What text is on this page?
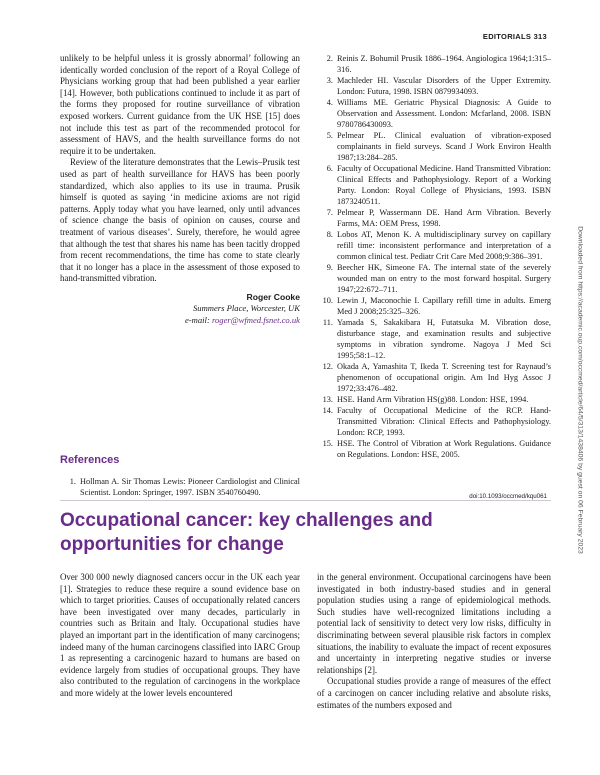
EDITORIALS 313

unlikely to be helpful unless it is grossly abnormal’ following an identically worded conclusion of the report of a Royal College of Physicians working group that had been published a year earlier [14]. However, both publications continued to include it as part of the forms they proposed for routine surveillance of vibration exposed workers. Current guidance from the UK HSE [15] does not include this test as part of the recommended protocol for assessment of HAVS, and the health surveillance forms do not require it to be undertaken.

Review of the literature demonstrates that the Lewis–Prusik test used as part of health surveillance for HAVS has been poorly standardized, which also applies to its use in trauma. Prusik himself is quoted as saying ‘in medicine axioms are not rigid patterns. Apply today what you have learned, only until advances of science change the basis of opinion on causes, course and treatment of various diseases’. Surely, therefore, he would agree that although the test that shares his name has been tacitly dropped from recent recommendations, the time has come to state clearly that it no longer has a place in the assessment of those exposed to hand-transmitted vibration.

Roger Cooke
Summers Place, Worcester, UK
e-mail: roger@wfmed.fsnet.co.uk
References
1. Hollman A. Sir Thomas Lewis: Pioneer Cardiologist and Clinical Scientist. London: Springer, 1997. ISBN 3540760490.
2. Reinis Z. Bohumil Prusik 1886–1964. Angiologica 1964;1:315–316.
3. Machleder HI. Vascular Disorders of the Upper Extremity. London: Futura, 1998. ISBN 0879934093.
4. Williams ME. Geriatric Physical Diagnosis: A Guide to Observation and Assessment. London: Mcfarland, 2008. ISBN 9780786430093.
5. Pelmear PL. Clinical evaluation of vibration-exposed complainants in field surveys. Scand J Work Environ Health 1987;13:284–285.
6. Faculty of Occupational Medicine. Hand Transmitted Vibration: Clinical Effects and Pathophysiology. Report of a Working Party. London: Royal College of Physicians, 1993. ISBN 1873240511.
7. Pelmear P, Wassermann DE. Hand Arm Vibration. Beverly Farms, MA: OEM Press, 1998.
8. Lobos AT, Menon K. A multidisciplinary survey on capillary refill time: inconsistent performance and interpretation of a common clinical test. Pediatr Crit Care Med 2008;9:386–391.
9. Beecher HK, Simeone FA. The internal state of the severely wounded man on entry to the most forward hospital. Surgery 1947;22:672–711.
10. Lewin J, Maconochie I. Capillary refill time in adults. Emerg Med J 2008;25:325–326.
11. Yamada S, Sakakibara H, Futatsuka M. Vibration dose, disturbance stage, and examination results and subjective symptoms in vibration syndrome. Nagoya J Med Sci 1995;58:1–12.
12. Okada A, Yamashita T, Ikeda T. Screening test for Raynaud’s phenomenon of occupational origin. Am Ind Hyg Assoc J 1972;33:476–482.
13. HSE. Hand Arm Vibration HS(g)88. London: HSE, 1994.
14. Faculty of Occupational Medicine of the RCP. Hand-Transmitted Vibration: Clinical Effects and Pathophysiology. London: RCP, 1993.
15. HSE. The Control of Vibration at Work Regulations. Guidance on Regulations. London: HSE, 2005.
doi:10.1093/occmed/kqu061
Occupational cancer: key challenges and opportunities for change

Over 300 000 newly diagnosed cancers occur in the UK each year [1]. Strategies to reduce these require a sound evidence base on which to target priorities. Causes of occupationally related cancers have been investigated over many decades, particularly in countries such as Britain and Italy. Occupational studies have played an important part in the identification of many carcinogens; indeed many of the human carcinogens classified into IARC Group 1 as representing a carcinogenic hazard to humans are based on evidence largely from studies of occupational groups. They have also contributed to the regulation of carcinogens in the workplace and more widely at the lower levels encountered

in the general environment. Occupational carcinogens have been investigated in both industry-based studies and in general population studies using a range of epidemiological methods. Such studies have well-recognized limitations including a potential lack of sensitivity to detect very low risks, difficulty in discriminating between several plausible risk factors in complex situations, the inability to evaluate the impact of recent exposures and uncertainty in interpreting negative studies or inverse relationships [2].

Occupational studies provide a range of measures of the effect of a carcinogen on cancer including relative and absolute risks, estimates of the numbers exposed and

Downloaded from https://academic.oup.com/occmed/article/64/5/313/1438406 by guest on 06 February 2023
